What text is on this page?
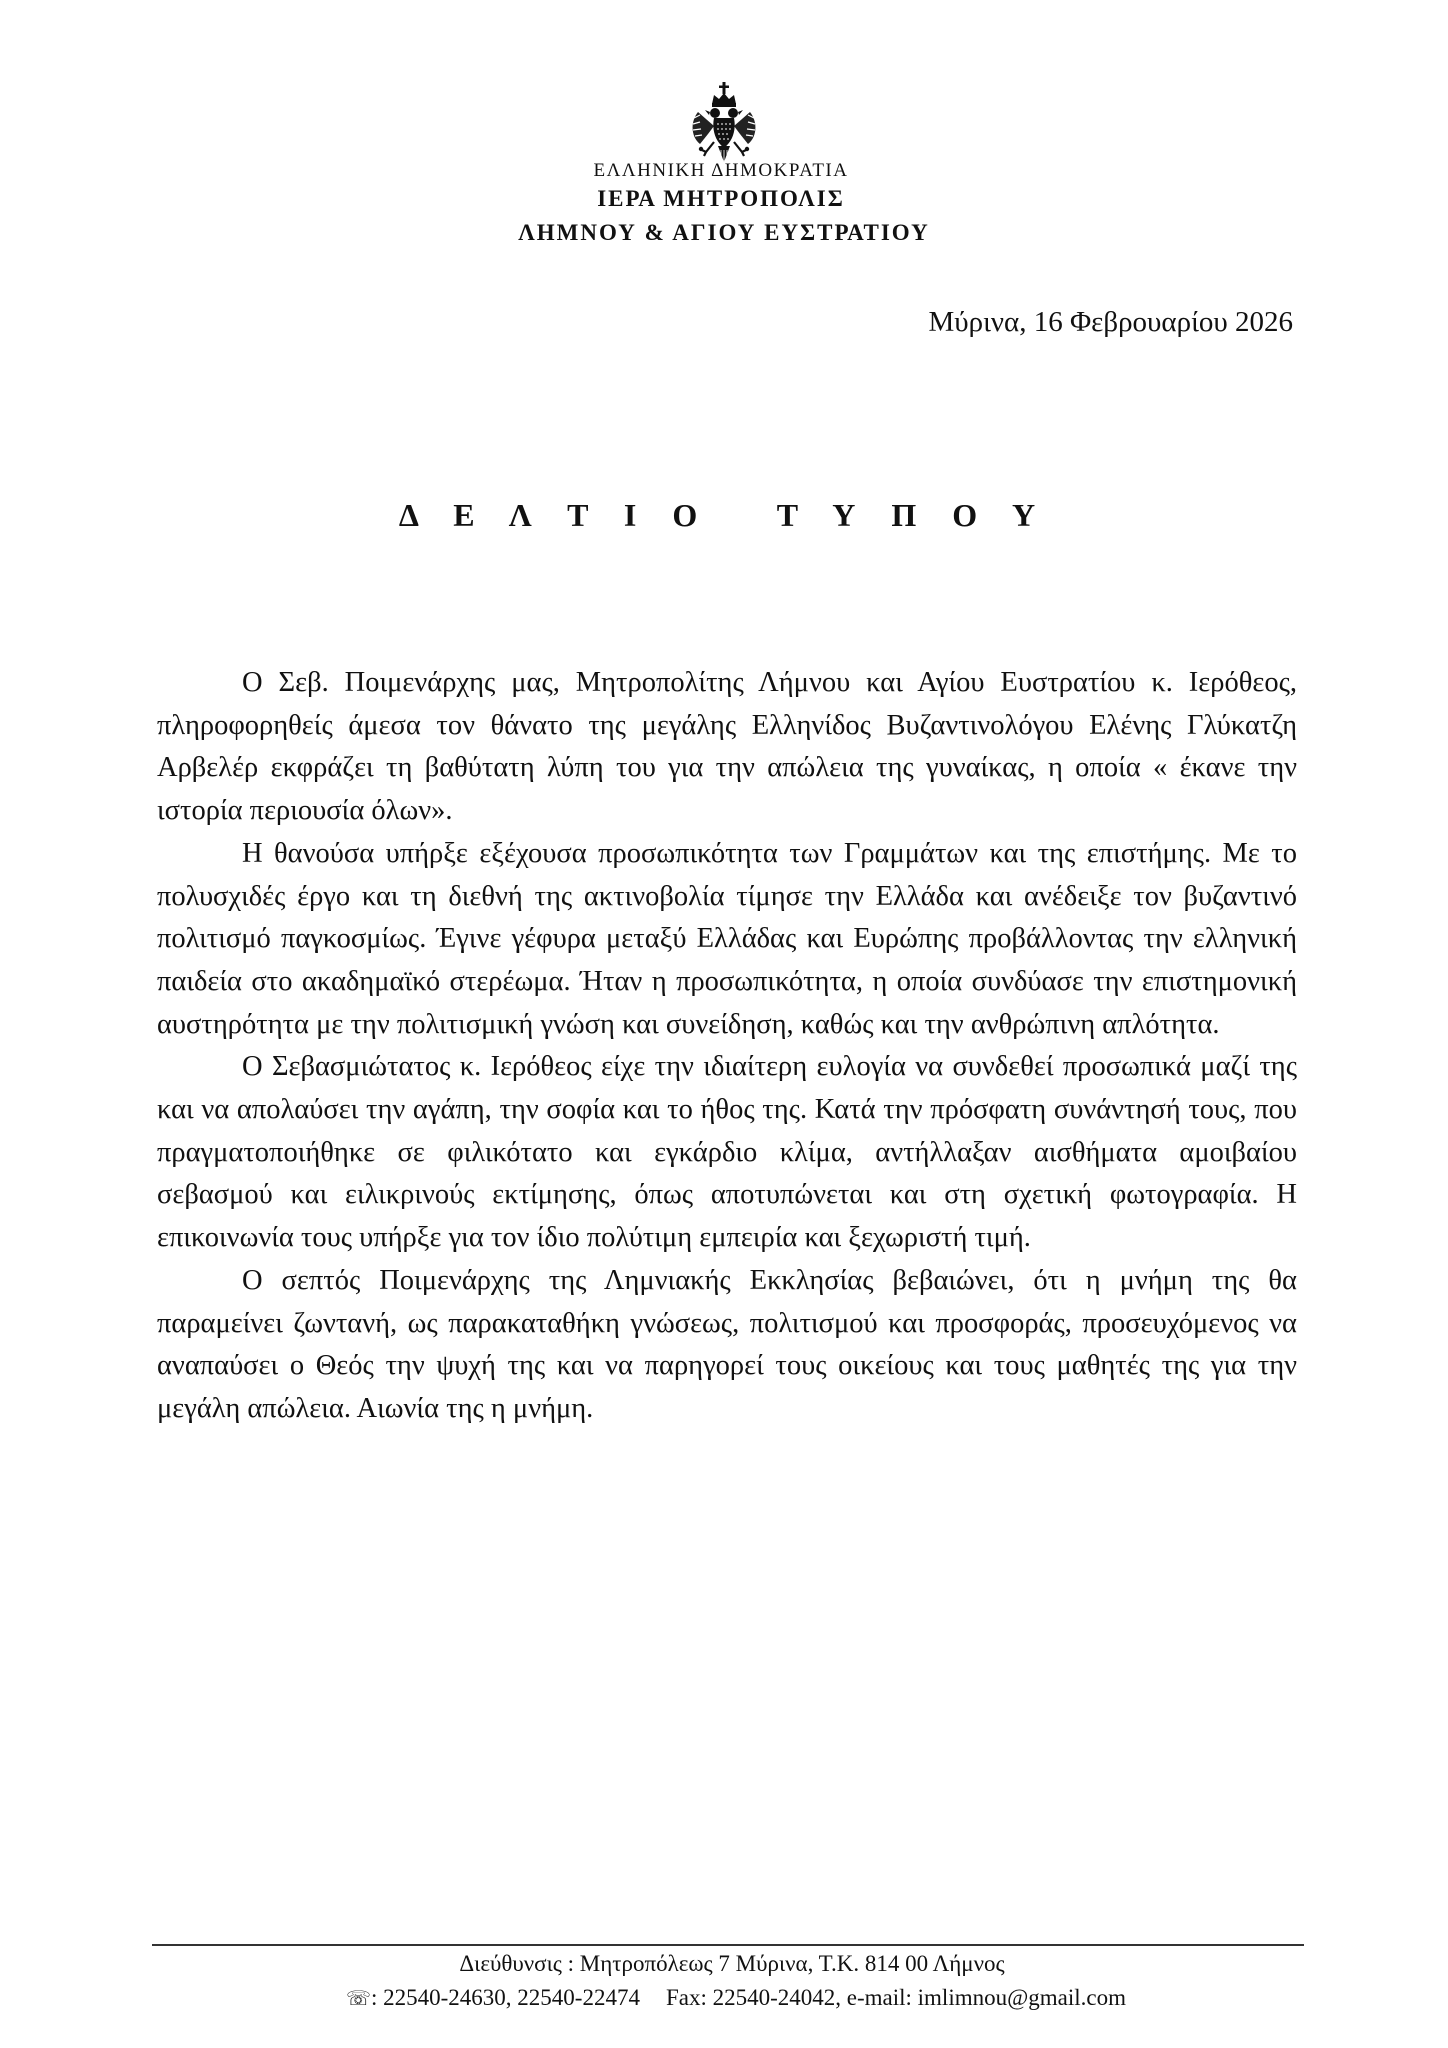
ΕΛΛΗΝΙΚΗ ΔΗΜΟΚΡΑΤΙΑ
ΙΕΡΑ ΜΗΤΡΟΠΟΛΙΣ
ΛΗΜΝΟΥ & ΑΓΙΟΥ ΕΥΣΤΡΑΤΙΟΥ
Μύρινα, 16 Φεβρουαρίου 2026
Δ Ε Λ Τ Ι Ο   Τ Υ Π Ο Υ

Ο Σεβ. Ποιμενάρχης μας, Μητροπολίτης Λήμνου και Αγίου Ευστρατίου κ. Ιερόθεος, πληροφορηθείς άμεσα τον θάνατο της μεγάλης Ελληνίδος Βυζαντινολόγου Ελένης Γλύκατζη Αρβελέρ εκφράζει τη βαθύτατη λύπη του για την απώλεια της γυναίκας, η οποία « έκανε την ιστορία περιουσία όλων».

Η θανούσα υπήρξε εξέχουσα προσωπικότητα των Γραμμάτων και της επιστήμης. Με το πολυσχιδές έργο και τη διεθνή της ακτινοβολία τίμησε την Ελλάδα και ανέδειξε τον βυζαντινό πολιτισμό παγκοσμίως. Έγινε γέφυρα μεταξύ Ελλάδας και Ευρώπης προβάλλοντας την ελληνική παιδεία στο ακαδημαϊκό στερέωμα. Ήταν η προσωπικότητα, η οποία συνδύασε την επιστημονική αυστηρότητα με την πολιτισμική γνώση και συνείδηση, καθώς και την ανθρώπινη απλότητα.

Ο Σεβασμιώτατος κ. Ιερόθεος είχε την ιδιαίτερη ευλογία να συνδεθεί προσωπικά μαζί της και να απολαύσει την αγάπη, την σοφία και το ήθος της. Κατά την πρόσφατη συνάντησή τους, που πραγματοποιήθηκε σε φιλικότατο και εγκάρδιο κλίμα, αντήλλαξαν αισθήματα αμοιβαίου σεβασμού και ειλικρινούς εκτίμησης, όπως αποτυπώνεται και στη σχετική φωτογραφία. Η επικοινωνία τους υπήρξε για τον ίδιο πολύτιμη εμπειρία και ξεχωριστή τιμή.

Ο σεπτός Ποιμενάρχης της Λημνιακής Εκκλησίας βεβαιώνει, ότι η μνήμη της θα παραμείνει ζωντανή, ως παρακαταθήκη γνώσεως, πολιτισμού και προσφοράς, προσευχόμενος να αναπαύσει ο Θεός την ψυχή της και να παρηγορεί τους οικείους και τους μαθητές της για την μεγάλη απώλεια. Αιωνία της η μνήμη.

Διεύθυνσις : Μητροπόλεως 7 Μύρινα, Τ.Κ. 814 00 Λήμνος
☏: 22540-24630, 22540-22474 Fax: 22540-24042, e-mail: imlimnou@gmail.com
